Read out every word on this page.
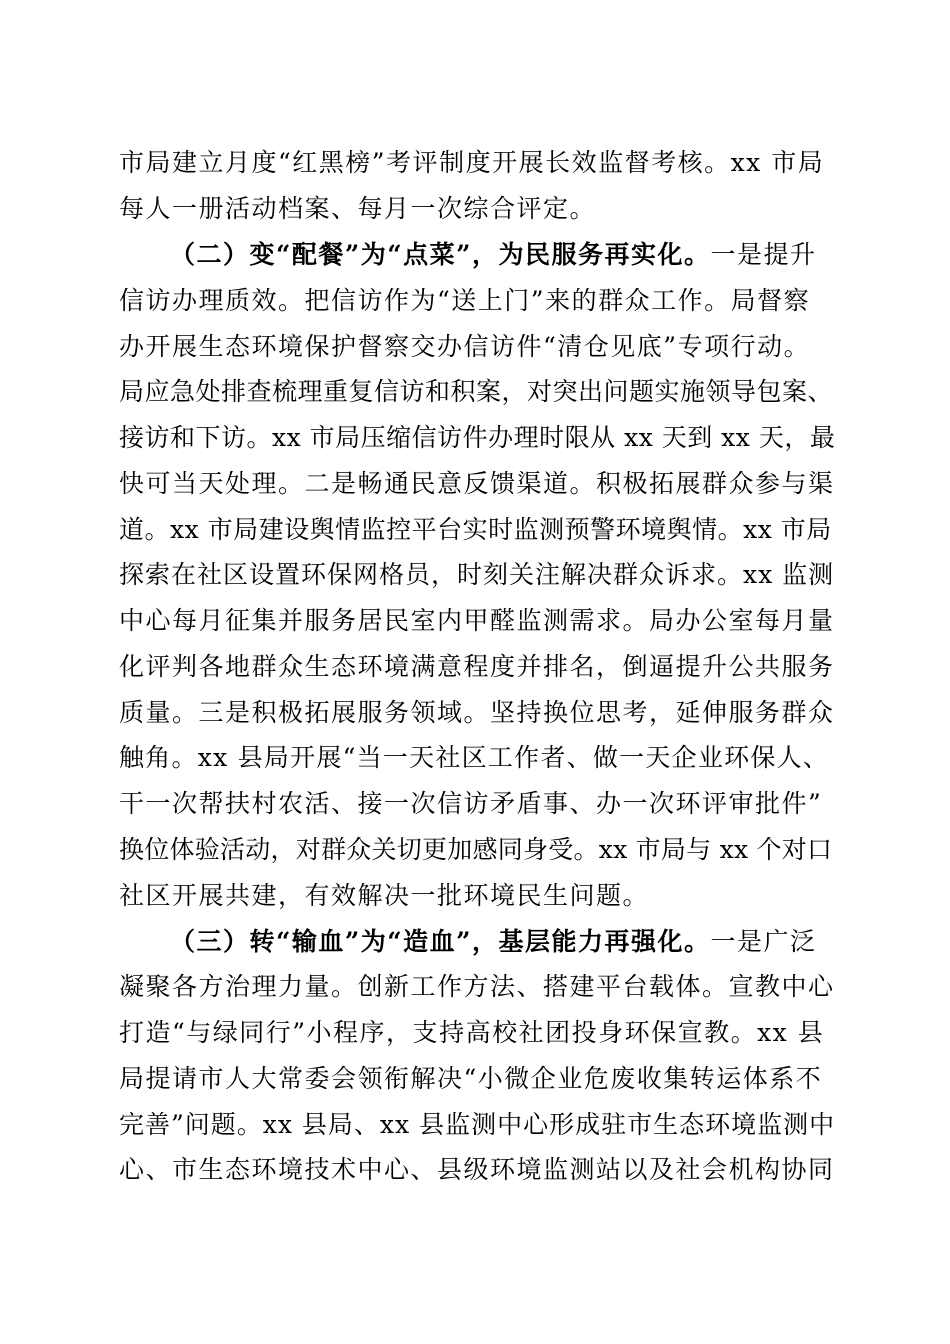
市局建立月度“红黑榜”考评制度开展长效监督考核。xx 市局
每人一册活动档案、每月一次综合评定。
（二）变“配餐”为“点菜”，为民服务再实化。一是提升
信访办理质效。把信访作为“送上门”来的群众工作。局督察
办开展生态环境保护督察交办信访件“清仓见底”专项行动。
局应急处排查梳理重复信访和积案，对突出问题实施领导包案、
接访和下访。xx 市局压缩信访件办理时限从 xx 天到 xx 天，最
快可当天处理。二是畅通民意反馈渠道。积极拓展群众参与渠
道。xx 市局建设舆情监控平台实时监测预警环境舆情。xx 市局
探索在社区设置环保网格员，时刻关注解决群众诉求。xx 监测
中心每月征集并服务居民室内甲醛监测需求。局办公室每月量
化评判各地群众生态环境满意程度并排名，倒逼提升公共服务
质量。三是积极拓展服务领域。坚持换位思考，延伸服务群众
触角。xx 县局开展“当一天社区工作者、做一天企业环保人、
干一次帮扶村农活、接一次信访矛盾事、办一次环评审批件”
换位体验活动，对群众关切更加感同身受。xx 市局与 xx 个对口
社区开展共建，有效解决一批环境民生问题。
（三）转“输血”为“造血”，基层能力再强化。一是广泛
凝聚各方治理力量。创新工作方法、搭建平台载体。宣教中心
打造“与绿同行”小程序，支持高校社团投身环保宣教。xx 县
局提请市人大常委会领衔解决“小微企业危废收集转运体系不
完善”问题。xx 县局、xx 县监测中心形成驻市生态环境监测中
心、市生态环境技术中心、县级环境监测站以及社会机构协同
